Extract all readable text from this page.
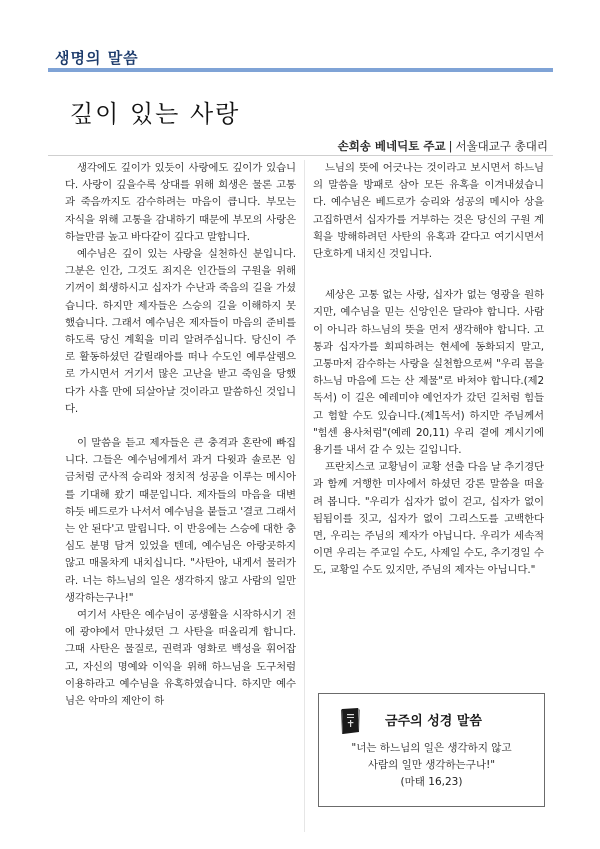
생명의 말씀
깊이 있는 사랑
손희송 베네딕토 주교 | 서울대교구 총대리

생각에도 깊이가 있듯이 사랑에도 깊이가 있습니다. 사랑이 깊을수록 상대를 위해 희생은 물론 고통과 죽음까지도 감수하려는 마음이 큽니다. 부모는 자식을 위해 고통을 감내하기 때문에 부모의 사랑은 하늘만큼 높고 바다같이 깊다고 말합니다.

예수님은 깊이 있는 사랑을 실천하신 분입니다. 그분은 인간, 그것도 죄지은 인간들의 구원을 위해 기꺼이 희생하시고 십자가 수난과 죽음의 길을 가셨습니다. 하지만 제자들은 스승의 길을 이해하지 못했습니다. 그래서 예수님은 제자들이 마음의 준비를 하도록 당신 계획을 미리 알려주십니다. 당신이 주로 활동하셨던 갈릴래아를 떠나 수도인 예루살렘으로 가시면서 거기서 많은 고난을 받고 죽임을 당했다가 사흘 만에 되살아날 것이라고 말씀하신 것입니다.

이 말씀을 듣고 제자들은 큰 충격과 혼란에 빠집니다. 그들은 예수님에게서 과거 다윗과 솔로몬 임금처럼 군사적 승리와 정치적 성공을 이루는 메시아를 기대해 왔기 때문입니다. 제자들의 마음을 대변하듯 베드로가 나서서 예수님을 붙들고 '결코 그래서는 안 된다'고 말립니다. 이 반응에는 스승에 대한 충심도 분명 담겨 있었을 텐데, 예수님은 아랑곳하지 않고 매몰차게 내치십니다. "사탄아, 내게서 물러가라. 너는 하느님의 일은 생각하지 않고 사람의 일만 생각하는구나!"

여기서 사탄은 예수님이 공생활을 시작하시기 전에 광야에서 만나셨던 그 사탄을 떠올리게 합니다. 그때 사탄은 물질로, 권력과 영화로 백성을 휘어잡고, 자신의 명예와 이익을 위해 하느님을 도구처럼 이용하라고 예수님을 유혹하였습니다. 하지만 예수님은 악마의 제안이 하

느님의 뜻에 어긋나는 것이라고 보시면서 하느님의 말씀을 방패로 삼아 모든 유혹을 이겨내셨습니다. 예수님은 베드로가 승리와 성공의 메시아 상을 고집하면서 십자가를 거부하는 것은 당신의 구원 계획을 방해하려던 사탄의 유혹과 같다고 여기시면서 단호하게 내치신 것입니다.

세상은 고통 없는 사랑, 십자가 없는 영광을 원하지만, 예수님을 믿는 신앙인은 달라야 합니다. 사람이 아니라 하느님의 뜻을 먼저 생각해야 합니다. 고통과 십자가를 회피하려는 현세에 동화되지 말고, 고통마저 감수하는 사랑을 실천함으로써 "우리 몸을 하느님 마음에 드는 산 제물"로 바쳐야 합니다.(제2독서) 이 길은 예레미야 예언자가 갔던 길처럼 힘들고 험할 수도 있습니다.(제1독서) 하지만 주님께서 "힘센 용사처럼"(예레 20,11) 우리 곁에 계시기에 용기를 내서 갈 수 있는 길입니다.

프란치스코 교황님이 교황 선출 다음 날 추기경단과 함께 거행한 미사에서 하셨던 강론 말씀을 떠올려 봅니다. "우리가 십자가 없이 걷고, 십자가 없이 됨됨이를 짓고, 십자가 없이 그리스도를 고백한다면, 우리는 주님의 제자가 아닙니다. 우리가 세속적이면 우리는 주교일 수도, 사제일 수도, 추기경일 수도, 교황일 수도 있지만, 주님의 제자는 아닙니다."

금주의 성경 말씀
"너는 하느님의 일은 생각하지 않고
사람의 일만 생각하는구나!"
(마태 16,23)
